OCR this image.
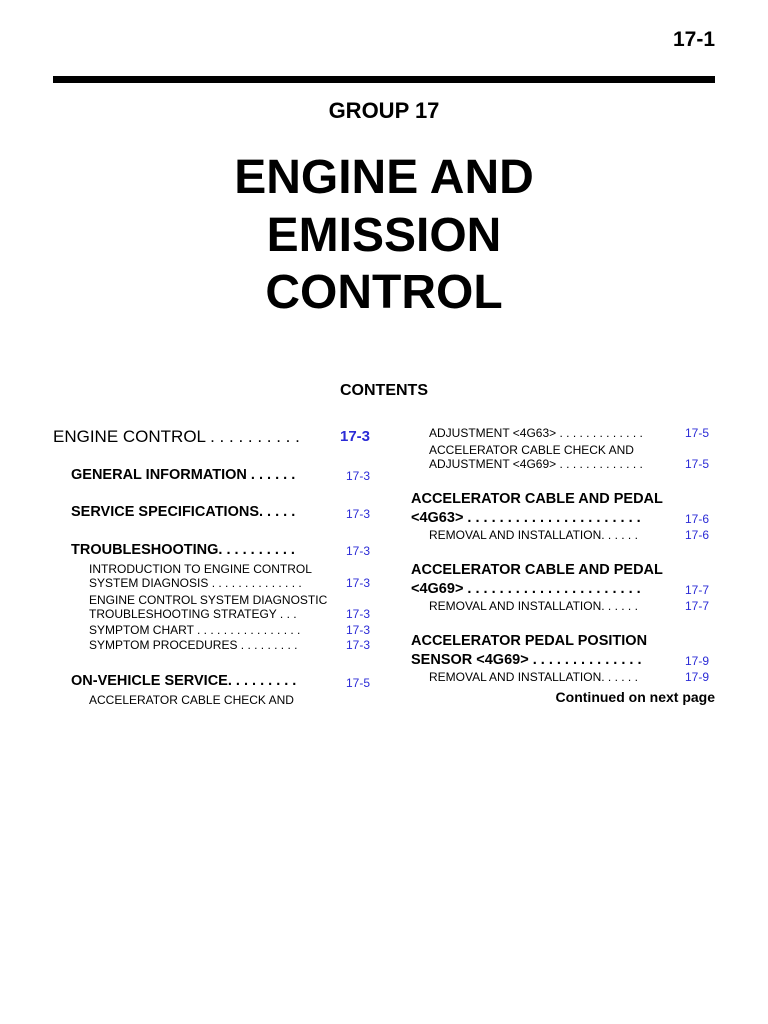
17-1
GROUP 17
ENGINE AND
EMISSION
CONTROL
CONTENTS
ENGINE CONTROL . . . . . . . . . .	17-3
GENERAL INFORMATION . . . . . .	17-3
SERVICE SPECIFICATIONS. . . . .	17-3
TROUBLESHOOTING. . . . . . . . . .	17-3
INTRODUCTION TO ENGINE CONTROL
SYSTEM DIAGNOSIS . . . . . . . . . . . . . .	17-3
ENGINE CONTROL SYSTEM DIAGNOSTIC
TROUBLESHOOTING STRATEGY . . .	17-3
SYMPTOM CHART . . . . . . . . . . . . . . . .	17-3
SYMPTOM PROCEDURES . . . . . . . . .	17-3
ON-VEHICLE SERVICE. . . . . . . . .	17-5
ACCELERATOR CABLE CHECK AND
ADJUSTMENT <4G63> . . . . . . . . . . . . .	17-5
ACCELERATOR CABLE CHECK AND
ADJUSTMENT <4G69> . . . . . . . . . . . . .	17-5
ACCELERATOR CABLE AND PEDAL
<4G63> . . . . . . . . . . . . . . . . . . . . . .	17-6
REMOVAL AND INSTALLATION. . . . . .	17-6
ACCELERATOR CABLE AND PEDAL
<4G69> . . . . . . . . . . . . . . . . . . . . . .	17-7
REMOVAL AND INSTALLATION. . . . . .	17-7
ACCELERATOR PEDAL POSITION
SENSOR <4G69> . . . . . . . . . . . . . .	17-9
REMOVAL AND INSTALLATION. . . . . .	17-9
Continued on next page
